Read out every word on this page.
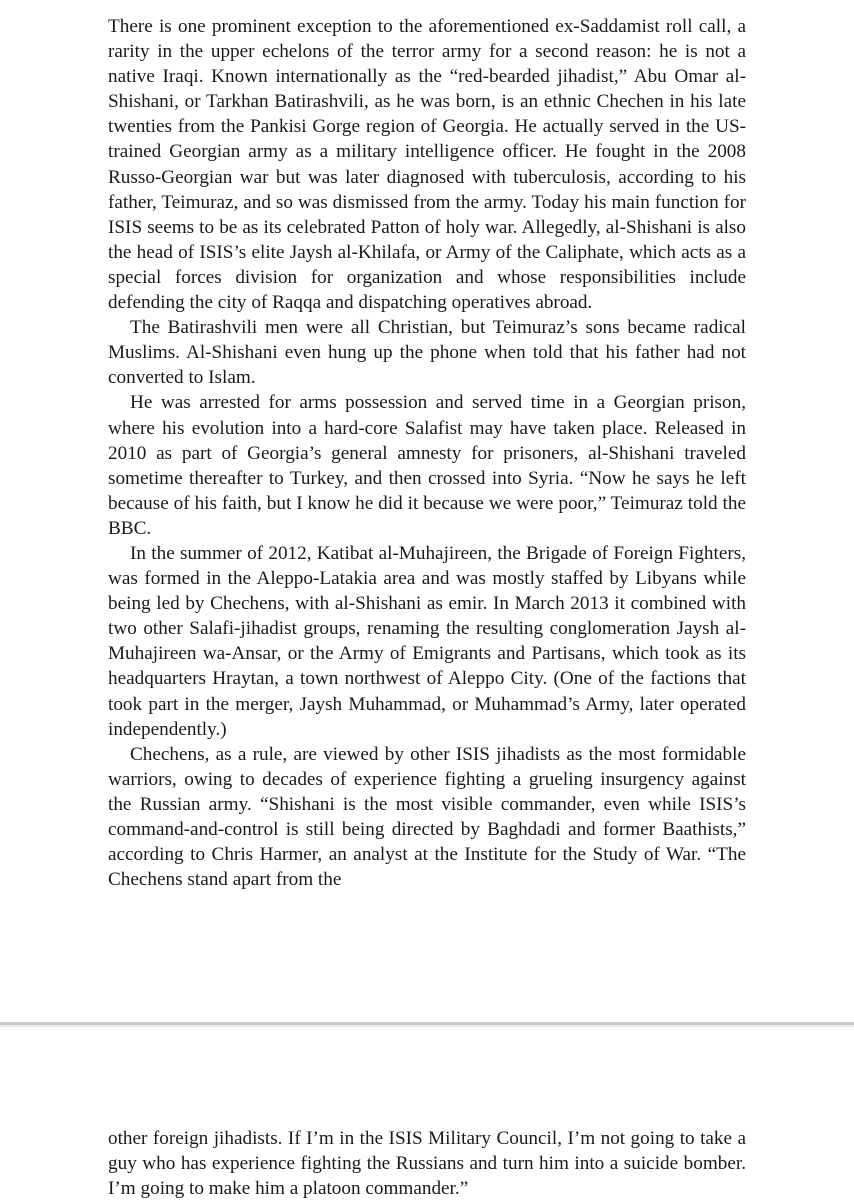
There is one prominent exception to the aforementioned ex-Saddamist roll call, a rarity in the upper echelons of the terror army for a second reason: he is not a native Iraqi. Known internationally as the “red-bearded jihadist,” Abu Omar al-Shishani, or Tarkhan Batirashvili, as he was born, is an ethnic Chechen in his late twenties from the Pankisi Gorge region of Georgia. He actually served in the US-trained Georgian army as a military intelligence officer. He fought in the 2008 Russo-Georgian war but was later diagnosed with tuberculosis, according to his father, Teimuraz, and so was dismissed from the army. Today his main function for ISIS seems to be as its celebrated Patton of holy war. Allegedly, al-Shishani is also the head of ISIS’s elite Jaysh al-Khilafa, or Army of the Caliphate, which acts as a special forces division for organization and whose responsibilities include defending the city of Raqqa and dispatching operatives abroad.

The Batirashvili men were all Christian, but Teimuraz’s sons became radical Muslims. Al-Shishani even hung up the phone when told that his father had not converted to Islam.

He was arrested for arms possession and served time in a Georgian prison, where his evolution into a hard-core Salafist may have taken place. Released in 2010 as part of Georgia’s general amnesty for prisoners, al-Shishani traveled sometime thereafter to Turkey, and then crossed into Syria. “Now he says he left because of his faith, but I know he did it because we were poor,” Teimuraz told the BBC.

In the summer of 2012, Katibat al-Muhajireen, the Brigade of Foreign Fighters, was formed in the Aleppo-Latakia area and was mostly staffed by Libyans while being led by Chechens, with al-Shishani as emir. In March 2013 it combined with two other Salafi-jihadist groups, renaming the resulting conglomeration Jaysh al-Muhajireen wa-Ansar, or the Army of Emigrants and Partisans, which took as its headquarters Hraytan, a town northwest of Aleppo City. (One of the factions that took part in the merger, Jaysh Muhammad, or Muhammad’s Army, later operated independently.)

Chechens, as a rule, are viewed by other ISIS jihadists as the most formidable warriors, owing to decades of experience fighting a grueling insurgency against the Russian army. “Shishani is the most visible commander, even while ISIS’s command-and-control is still being directed by Baghdadi and former Baathists,” according to Chris Harmer, an analyst at the Institute for the Study of War. “The Chechens stand apart from the

other foreign jihadists. If I’m in the ISIS Military Council, I’m not going to take a guy who has experience fighting the Russians and turn him into a suicide bomber. I’m going to make him a platoon commander.”
